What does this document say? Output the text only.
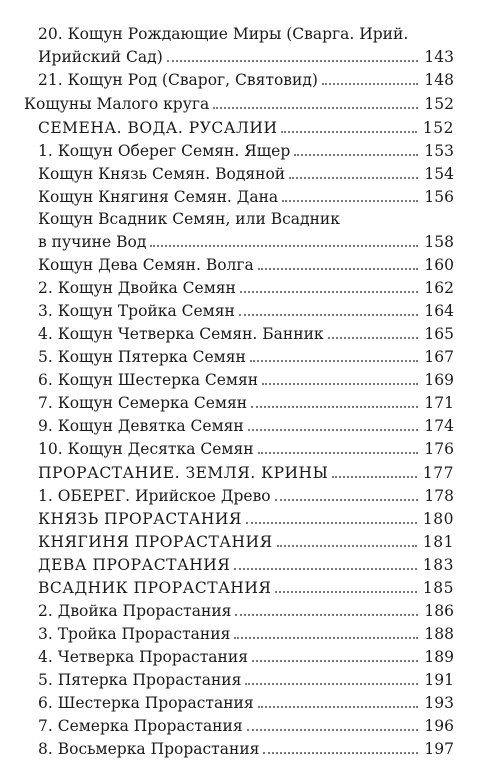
20. Кощун Рождающие Миры (Сварга. Ирий.
Ирийский Сад)	143
21. Кощун Род (Сварог, Святовид)	148
Кощуны Малого круга	152
СЕМЕНА. ВОДА. РУСАЛИИ	152
1. Кощун Оберег Семян. Ящер	153
Кощун Князь Семян. Водяной	154
Кощун Княгиня Семян. Дана	156
Кощун Всадник Семян, или Всадник
в пучине Вод	158
Кощун Дева Семян. Волга	160
2. Кощун Двойка Семян	162
3. Кощун Тройка Семян	164
4. Кощун Четверка Семян. Банник	165
5. Кощун Пятерка Семян	167
6. Кощун Шестерка Семян	169
7. Кощун Семерка Семян	171
9. Кощун Девятка Семян	174
10. Кощун Десятка Семян	176
ПРОРАСТАНИЕ. ЗЕМЛЯ. КРИНЫ	177
1. ОБЕРЕГ. Ирийское Древо	178
КНЯЗЬ ПРОРАСТАНИЯ	180
КНЯГИНЯ ПРОРАСТАНИЯ	181
ДЕВА ПРОРАСТАНИЯ	183
ВСАДНИК ПРОРАСТАНИЯ	185
2. Двойка Прорастания	186
3. Тройка Прорастания	188
4. Четверка Прорастания	189
5. Пятерка Прорастания	191
6. Шестерка Прорастания	193
7. Семерка Прорастания	196
8. Восьмерка Прорастания	197
